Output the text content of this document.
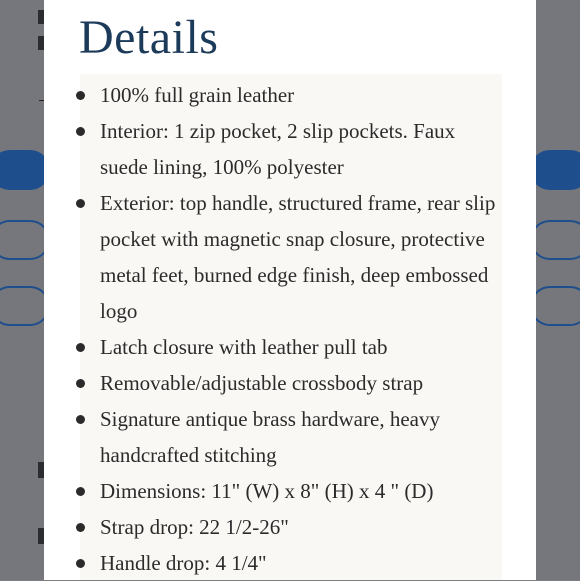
Details
100% full grain leather
Interior: 1 zip pocket, 2 slip pockets. Faux suede lining, 100% polyester
Exterior: top handle, structured frame, rear slip pocket with magnetic snap closure, protective metal feet, burned edge finish, deep embossed logo
Latch closure with leather pull tab
Removable/adjustable crossbody strap
Signature antique brass hardware, heavy handcrafted stitching
Dimensions: 11" (W) x 8" (H) x 4 " (D)
Strap drop: 22 1/2-26"
Handle drop: 4 1/4"
